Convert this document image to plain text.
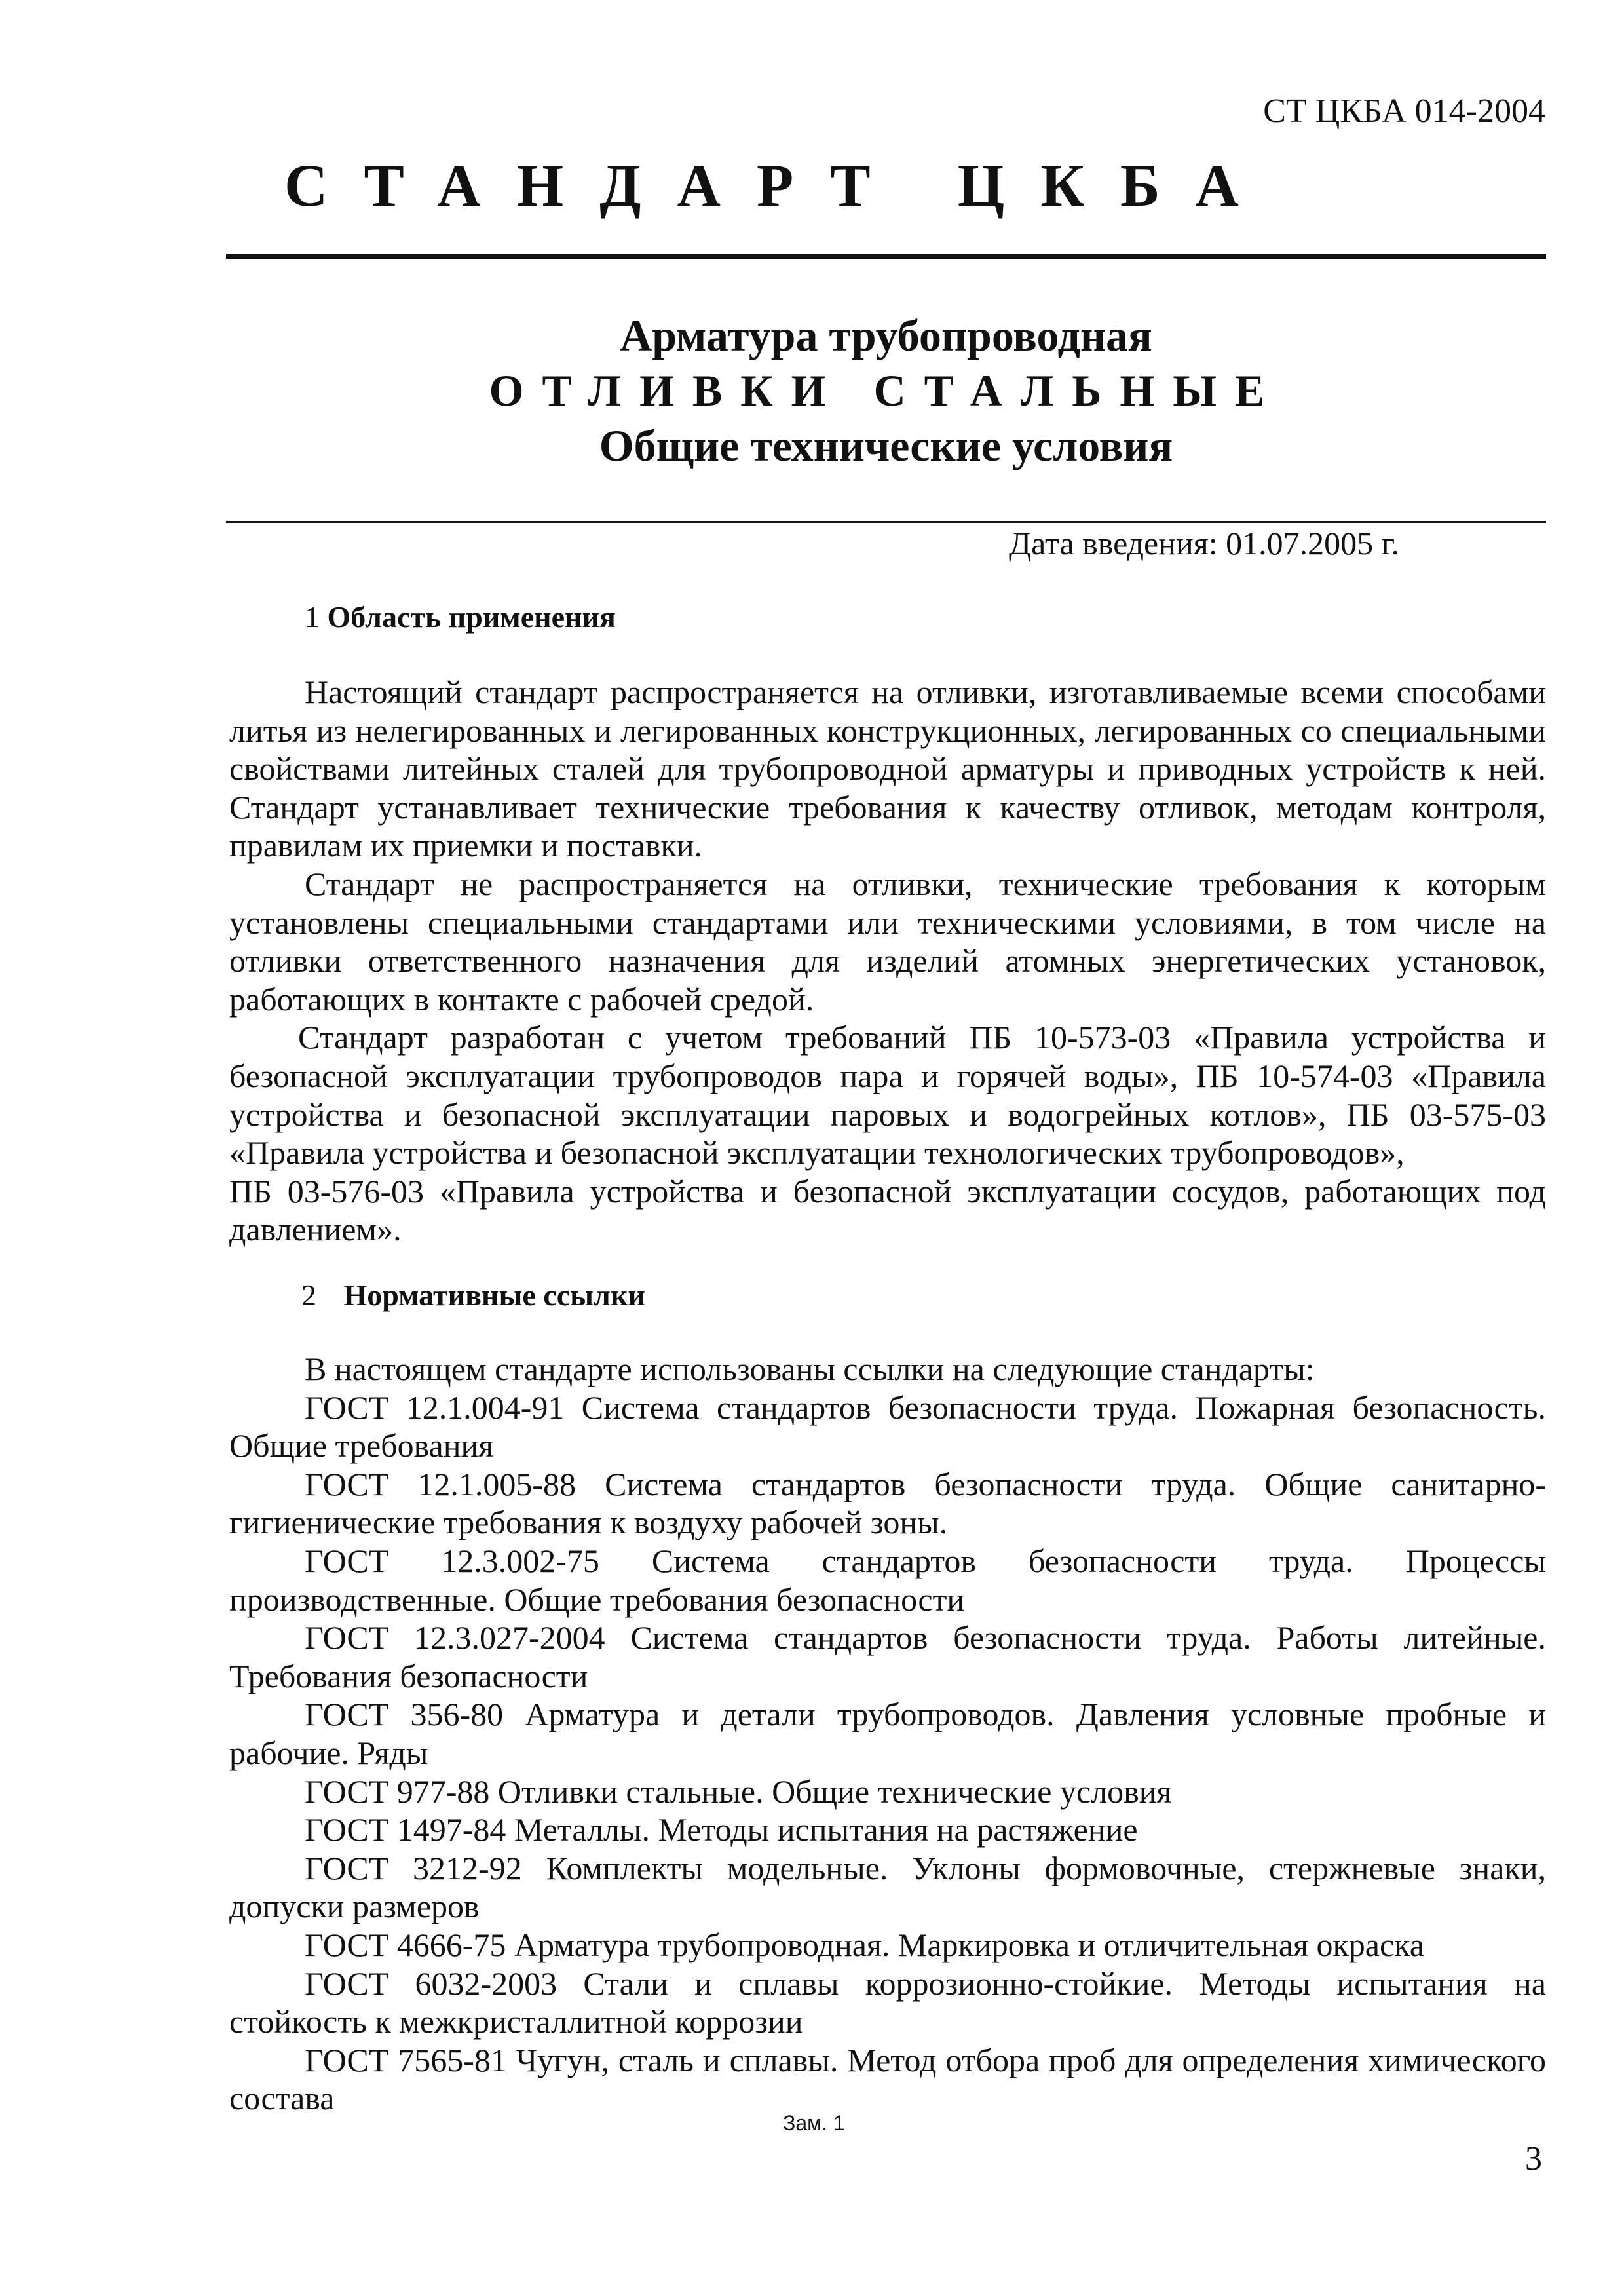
СТ ЦКБА 014-2004
СТАНДАРТ ЦКБА
Арматура трубопроводная
ОТЛИВКИ СТАЛЬНЫЕ
Общие технические условия
Дата введения: 01.07.2005 г.
1 Область применения

Настоящий стандарт распространяется на отливки, изготавливаемые всеми способами литья из нелегированных и легированных конструкционных, легированных со специальными свойствами литейных сталей для трубопроводной арматуры и приводных устройств к ней. Стандарт устанавливает технические требования к качеству отливок, методам контроля, правилам их приемки и поставки.

Стандарт не распространяется на отливки, технические требования к которым установлены специальными стандартами или техническими условиями, в том числе на отливки ответственного назначения для изделий атомных энергетических установок, работающих в контакте с рабочей средой.

Стандарт разработан с учетом требований ПБ 10-573-03 «Правила устройства и безопасной эксплуатации трубопроводов пара и горячей воды», ПБ 10-574-03 «Правила устройства и безопасной эксплуатации паровых и водогрейных котлов», ПБ 03-575-03 «Правила устройства и безопасной эксплуатации технологических трубопроводов»,

ПБ 03-576-03 «Правила устройства и безопасной эксплуатации сосудов, работающих под давлением».

2 Нормативные ссылки

В настоящем стандарте использованы ссылки на следующие стандарты:

ГОСТ 12.1.004-91 Система стандартов безопасности труда. Пожарная безопасность. Общие требования

ГОСТ 12.1.005-88 Система стандартов безопасности труда. Общие санитарно-гигиенические требования к воздуху рабочей зоны.

ГОСТ 12.3.002-75 Система стандартов безопасности труда. Процессы производственные. Общие требования безопасности

ГОСТ 12.3.027-2004 Система стандартов безопасности труда. Работы литейные. Требования безопасности

ГОСТ 356-80 Арматура и детали трубопроводов. Давления условные пробные и рабочие. Ряды

ГОСТ 977-88 Отливки стальные. Общие технические условия

ГОСТ 1497-84 Металлы. Методы испытания на растяжение

ГОСТ 3212-92 Комплекты модельные. Уклоны формовочные, стержневые знаки, допуски размеров

ГОСТ 4666-75 Арматура трубопроводная. Маркировка и отличительная окраска

ГОСТ 6032-2003 Стали и сплавы коррозионно-стойкие. Методы испытания на стойкость к межкристаллитной коррозии

ГОСТ 7565-81 Чугун, сталь и сплавы. Метод отбора проб для определения химического состава

Зам. 1
3
